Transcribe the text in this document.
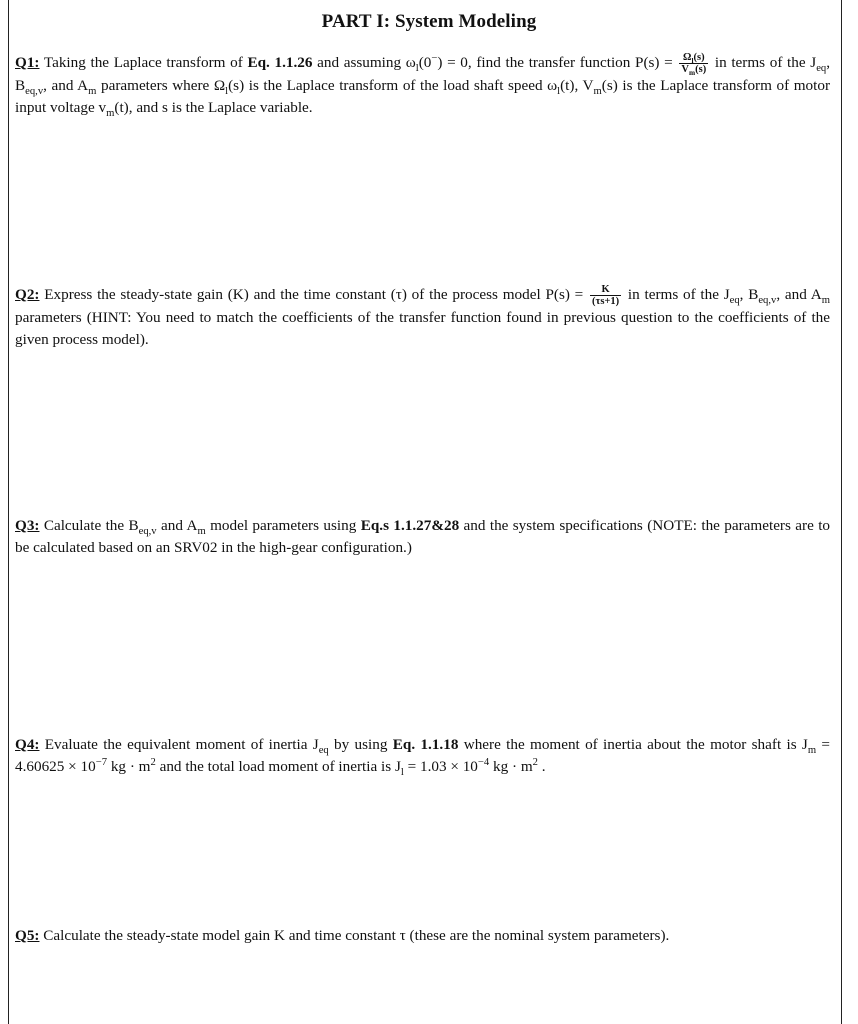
PART I: System Modeling
Q1: Taking the Laplace transform of Eq. 1.1.26 and assuming $\omega_l(0^-) = 0$, find the transfer function $P(s) = \frac{\Omega_l(s)}{V_m(s)}$ in terms of the $J_{eq}$, $B_{eq,v}$, and $A_m$ parameters where $\Omega_l(s)$ is the Laplace transform of the load shaft speed $\omega_l(t)$, $V_m(s)$ is the Laplace transform of motor input voltage $v_m(t)$, and s is the Laplace variable.
Q2: Express the steady-state gain (K) and the time constant (τ) of the process model $P(s) = \frac{K}{(\tau s+1)}$ in terms of the $J_{eq}$, $B_{eq,v}$, and $A_m$ parameters (HINT: You need to match the coefficients of the transfer function found in previous question to the coefficients of the given process model).
Q3: Calculate the $B_{eq,v}$ and $A_m$ model parameters using Eq.s 1.1.27&28 and the system specifications (NOTE: the parameters are to be calculated based on an SRV02 in the high-gear configuration.)
Q4: Evaluate the equivalent moment of inertia $J_{eq}$ by using Eq. 1.1.18 where the moment of inertia about the motor shaft is $J_m = 4.60625 \times 10^{-7}$ kg · $m^2$ and the total load moment of inertia is $J_l = 1.03 \times 10^{-4}$ kg · $m^2$ .
Q5: Calculate the steady-state model gain K and time constant τ (these are the nominal system parameters).
